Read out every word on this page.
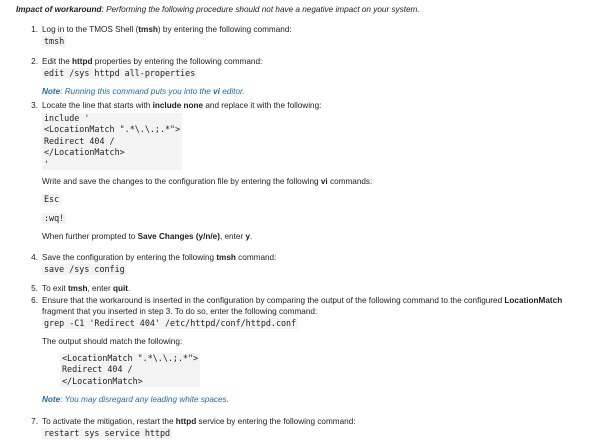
Impact of workaround: Performing the following procedure should not have a negative impact on your system.
1. Log in to the TMOS Shell (tmsh) by entering the following command:
tmsh
2. Edit the httpd properties by entering the following command:
edit /sys httpd all-properties
Note: Running this command puts you into the vi editor.
3. Locate the line that starts with include none and replace it with the following:
include '
<LocationMatch ".*\.\.;.*">
Redirect 404 /
</LocationMatch>
'
Write and save the changes to the configuration file by entering the following vi commands:
Esc
:wq!
When further prompted to Save Changes (y/n/e), enter y.
4. Save the configuration by entering the following tmsh command:
save /sys config
5. To exit tmsh, enter quit.
6. Ensure that the workaround is inserted in the configuration by comparing the output of the following command to the configured LocationMatch
fragment that you inserted in step 3. To do so, enter the following command:
grep -C1 'Redirect 404' /etc/httpd/conf/httpd.conf
The output should match the following:
<LocationMatch ".*\.\.;.*">
Redirect 404 /
</LocationMatch>
Note: You may disregard any leading white spaces.
7. To activate the mitigation, restart the httpd service by entering the following command:
restart sys service httpd
